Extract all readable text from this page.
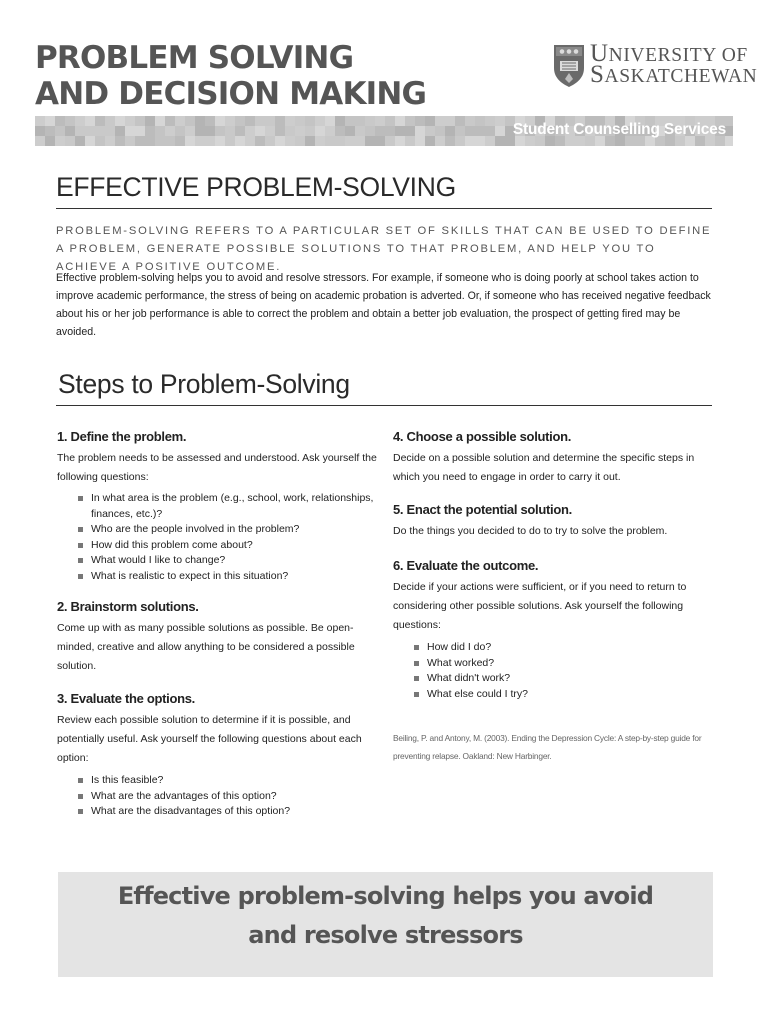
PROBLEM SOLVING
AND DECISION MAKING
UNIVERSITY OF
SASKATCHEWAN
Student Counselling Services
EFFECTIVE PROBLEM-SOLVING

PROBLEM-SOLVING REFERS TO A PARTICULAR SET OF SKILLS THAT CAN BE USED TO DEFINE A PROBLEM, GENERATE POSSIBLE SOLUTIONS TO THAT PROBLEM, AND HELP YOU TO ACHIEVE A POSITIVE OUTCOME.

Effective problem-solving helps you to avoid and resolve stressors. For example, if someone who is doing poorly at school takes action to improve academic performance, the stress of being on academic probation is adverted. Or, if someone who has received negative feedback about his or her job performance is able to correct the problem and obtain a better job evaluation, the prospect of getting fired may be avoided.

Steps to Problem-Solving
1. Define the problem.

The problem needs to be assessed and understood. Ask yourself the following questions:

In what area is the problem (e.g., school, work, relationships, finances, etc.)?
Who are the people involved in the problem?
How did this problem come about?
What would I like to change?
What is realistic to expect in this situation?
2. Brainstorm solutions.

Come up with as many possible solutions as possible. Be open-minded, creative and allow anything to be considered a possible solution.

3. Evaluate the options.

Review each possible solution to determine if it is possible, and potentially useful. Ask yourself the following questions about each option:

Is this feasible?
What are the advantages of this option?
What are the disadvantages of this option?
4. Choose a possible solution.

Decide on a possible solution and determine the specific steps in which you need to engage in order to carry it out.

5. Enact the potential solution.

Do the things you decided to do to try to solve the problem.

6. Evaluate the outcome.

Decide if your actions were sufficient, or if you need to return to considering other possible solutions. Ask yourself the following questions:

How did I do?
What worked?
What didn't work?
What else could I try?

Beiling, P. and Antony, M. (2003). Ending the Depression Cycle: A step-by-step guide for preventing relapse. Oakland: New Harbinger.

Effective problem-solving helps you avoid
and resolve stressors
